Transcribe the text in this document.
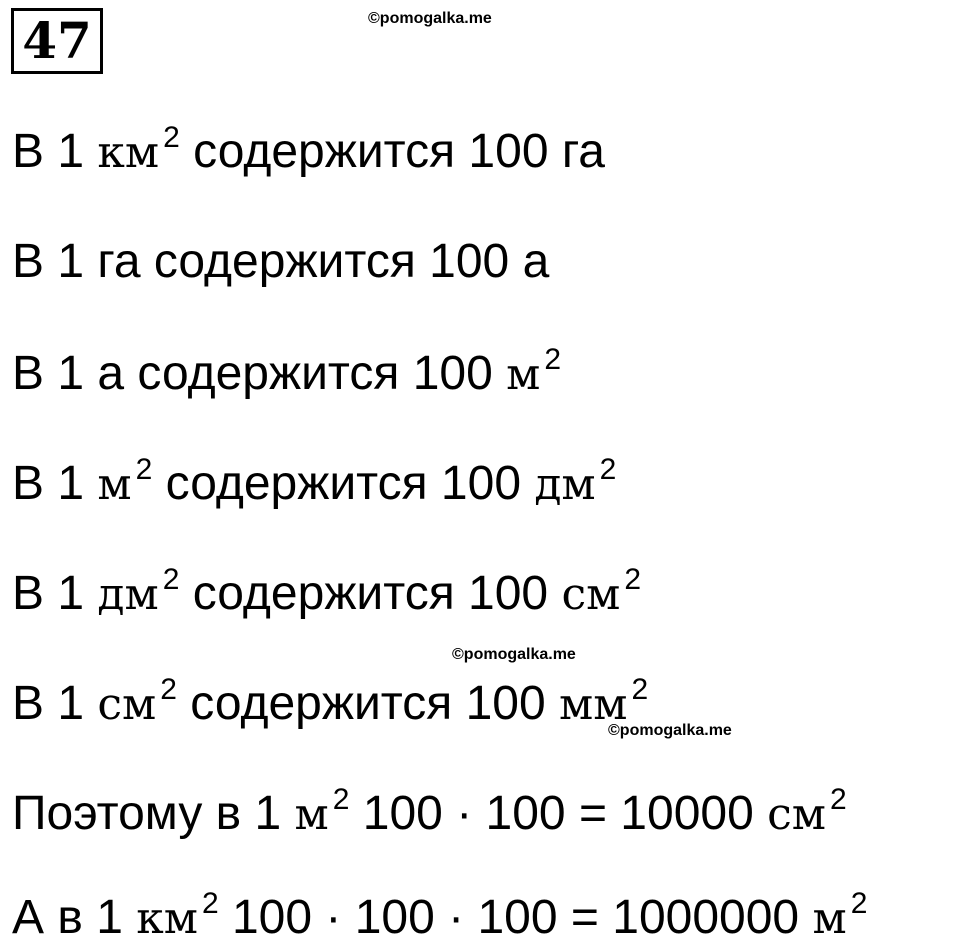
47	©pomogalka.me
В 1 км $^2$ содержится 100 га
В 1 га содержится 100 а
В 1 а содержится 100 м $^2$
В 1 м $^2$ содержится 100 дм $^2$
В 1 дм $^2$ содержится 100 см $^2$
©pomogalka.me
В 1 см $^2$ содержится 100 мм $^2$
©pomogalka.me
Поэтому в 1 м $^2$ 100 · 100 = 10000 см $^2$
А в 1 км $^2$ 100 · 100 · 100 = 1000000 м $^2$
